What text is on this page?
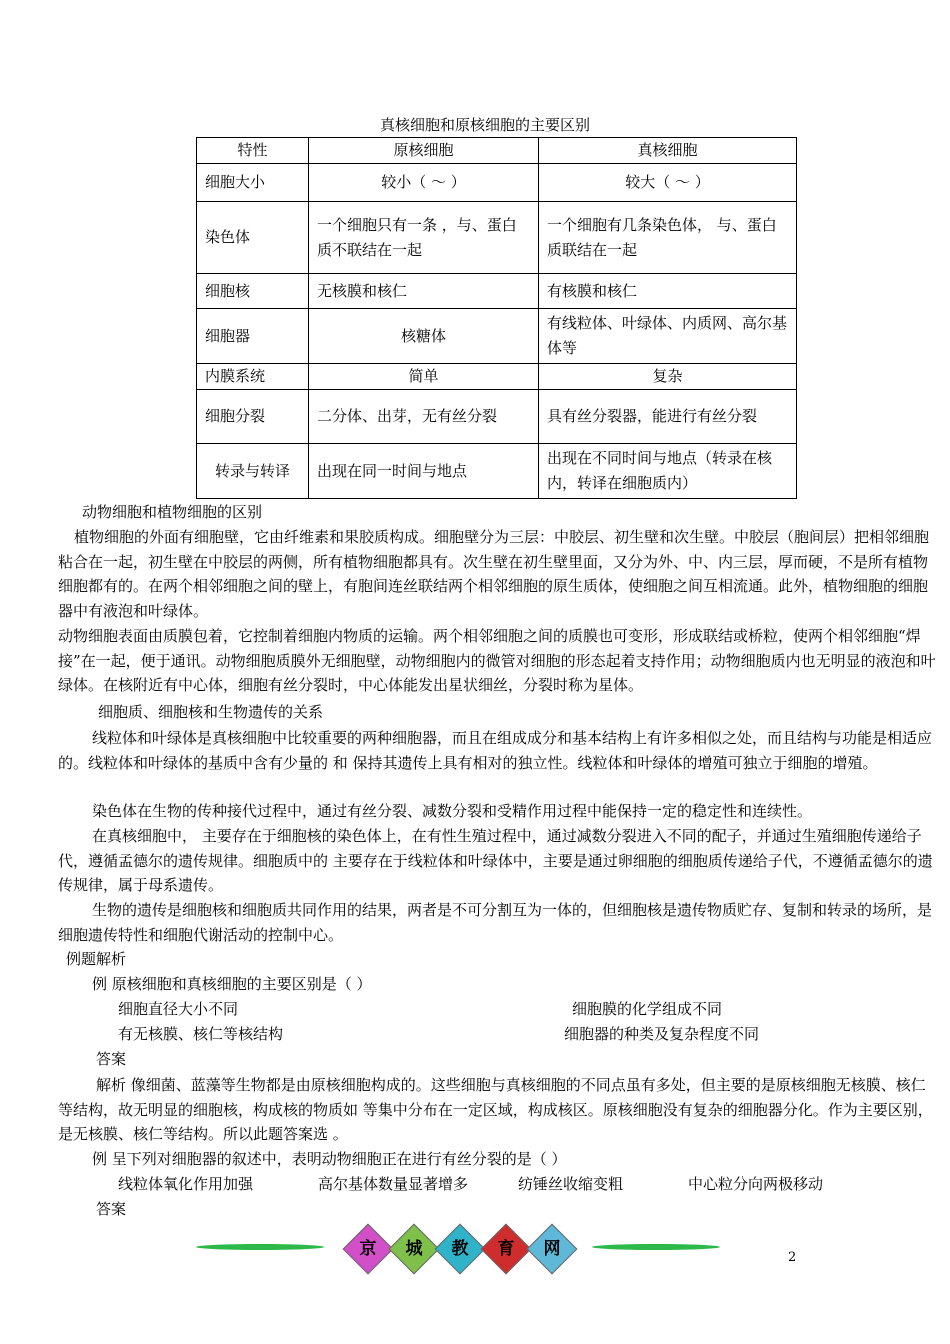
真核细胞和原核细胞的主要区别
特性	原核细胞	真核细胞
细胞大小	较小（ ～ ）	较大（ ～ ）
染色体	一个细胞只有一条 ，与、蛋白质不联结在一起	一个细胞有几条染色体， 与、蛋白质联结在一起
细胞核	无核膜和核仁	有核膜和核仁
细胞器	核糖体	有线粒体、叶绿体、内质网、高尔基体等
内膜系统	简单	复杂
细胞分裂	二分体、出芽，无有丝分裂	具有丝分裂器，能进行有丝分裂
转录与转译	出现在同一时间与地点	出现在不同时间与地点（转录在核内，转译在细胞质内）
动物细胞和植物细胞的区别
植物细胞的外面有细胞壁，它由纤维素和果胶质构成。细胞壁分为三层：中胶层、初生壁和次生壁。中胶层（胞间层）把相邻细胞粘合在一起，初生壁在中胶层的两侧，所有植物细胞都具有。次生壁在初生壁里面，又分为外、中、内三层，厚而硬，不是所有植物细胞都有的。在两个相邻细胞之间的壁上，有胞间连丝联结两个相邻细胞的原生质体，使细胞之间互相流通。此外，植物细胞的细胞器中有液泡和叶绿体。
动物细胞表面由质膜包着，它控制着细胞内物质的运输。两个相邻细胞之间的质膜也可变形，形成联结或桥粒，使两个相邻细胞“焊接”在一起，便于通讯。动物细胞质膜外无细胞壁，动物细胞内的微管对细胞的形态起着支持作用；动物细胞质内也无明显的液泡和叶绿体。在核附近有中心体，细胞有丝分裂时，中心体能发出星状细丝，分裂时称为星体。
细胞质、细胞核和生物遗传的关系
线粒体和叶绿体是真核细胞中比较重要的两种细胞器，而且在组成成分和基本结构上有许多相似之处，而且结构与功能是相适应的。线粒体和叶绿体的基质中含有少量的 和 保持其遗传上具有相对的独立性。线粒体和叶绿体的增殖可独立于细胞的增殖。
染色体在生物的传种接代过程中，通过有丝分裂、减数分裂和受精作用过程中能保持一定的稳定性和连续性。
在真核细胞中， 主要存在于细胞核的染色体上，在有性生殖过程中，通过减数分裂进入不同的配子，并通过生殖细胞传递给子代，遵循孟德尔的遗传规律。细胞质中的 主要存在于线粒体和叶绿体中，主要是通过卵细胞的细胞质传递给子代，不遵循孟德尔的遗传规律，属于母系遗传。
生物的遗传是细胞核和细胞质共同作用的结果，两者是不可分割互为一体的，但细胞核是遗传物质贮存、复制和转录的场所，是细胞遗传特性和细胞代谢活动的控制中心。
例题解析
例 原核细胞和真核细胞的主要区别是（ ）
细胞直径大小不同	细胞膜的化学组成不同
有无核膜、核仁等核结构	细胞器的种类及复杂程度不同
答案
解析 像细菌、蓝藻等生物都是由原核细胞构成的。这些细胞与真核细胞的不同点虽有多处，但主要的是原核细胞无核膜、核仁等结构，故无明显的细胞核，构成核的物质如 等集中分布在一定区域，构成核区。原核细胞没有复杂的细胞器分化。作为主要区别，是无核膜、核仁等结构。所以此题答案选 。
例 呈下列对细胞器的叙述中，表明动物细胞正在进行有丝分裂的是（ ）
线粒体氧化作用加强	高尔基体数量显著增多	纺锤丝收缩变粗	中心粒分向两极移动
答案
京	城	教	育	网	2
